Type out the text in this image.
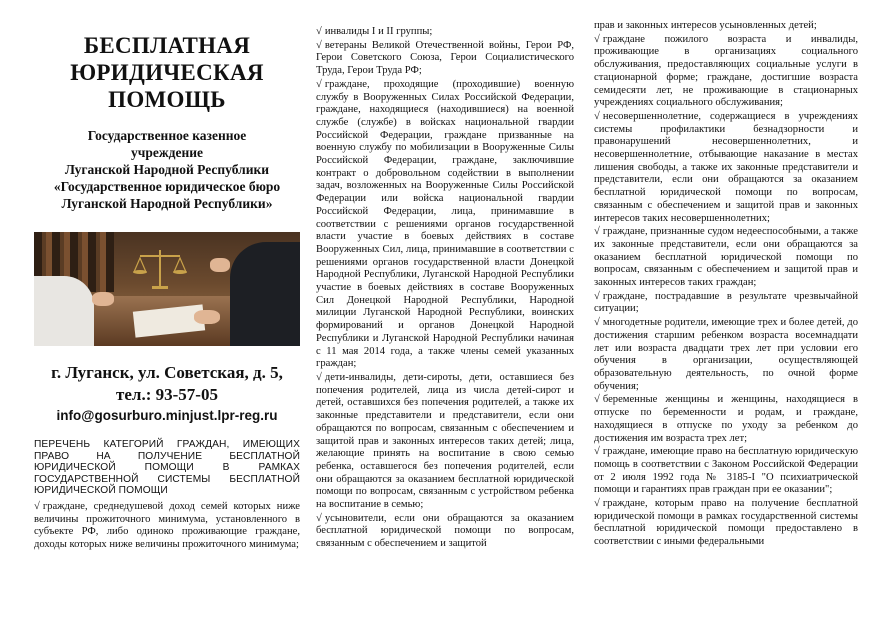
БЕСПЛАТНАЯ
ЮРИДИЧЕСКАЯ
ПОМОЩЬ
Государственное казенное
учреждение
Луганской Народной Республики
«Государственное юридическое бюро
Луганской Народной Республики»
г. Луганск, ул. Советская, д. 5,
тел.: 93-57-05
info@gosurburo.minjust.lpr-reg.ru
ПЕРЕЧЕНЬ КАТЕГОРИЙ ГРАЖДАН, ИМЕЮЩИХ ПРАВО НА ПОЛУЧЕНИЕ БЕСПЛАТНОЙ ЮРИДИЧЕСКОЙ ПОМОЩИ В РАМКАХ ГОСУДАРСТВЕННОЙ СИСТЕМЫ БЕСПЛАТНОЙ ЮРИДИЧЕСКОЙ ПОМОЩИ

√ граждане, среднедушевой доход семей которых ниже величины прожиточного минимума, установленного в субъекте РФ, либо одиноко проживающие граждане, доходы которых ниже величины прожиточного минимума;

√ инвалиды I и II группы;

√ ветераны Великой Отечественной войны, Герои РФ, Герои Советского Союза, Герои Социалистического Труда, Герои Труда РФ;

√ граждане, проходящие (проходившие) военную службу в Вооруженных Силах Российской Федерации, граждане, находящиеся (находившиеся) на военной службе (службе) в войсках национальной гвардии Российской Федерации, граждане призванные на военную службу по мобилизации в Вооруженные Силы Российской Федерации, граждане, заключившие контракт о добровольном содействии в выполнении задач, возложенных на Вооруженные Силы Российской Федерации или войска национальной гвардии Российской Федерации, лица, принимавшие в соответствии с решениями органов государственной власти участие в боевых действиях в составе Вооруженных Сил, лица, принимавшие в соответствии с решениями органов государственной власти Донецкой Народной Республики, Луганской Народной Республики участие в боевых действиях в составе Вооруженных Сил Донецкой Народной Республики, Народной милиции Луганской Народной Республики, воинских формирований и органов Донецкой Народной Республики и Луганской Народной Республики начиная с 11 мая 2014 года, а также члены семей указанных граждан;

√ дети-инвалиды, дети-сироты, дети, оставшиеся без попечения родителей, лица из числа детей-сирот и детей, оставшихся без попечения родителей, а также их законные представители и представители, если они обращаются по вопросам, связанным с обеспечением и защитой прав и законных интересов таких детей; лица, желающие принять на воспитание в свою семью ребенка, оставшегося без попечения родителей, если они обращаются за оказанием бесплатной юридической помощи по вопросам, связанным с устройством ребенка на воспитание в семью;

√ усыновители, если они обращаются за оказанием бесплатной юридической помощи по вопросам, связанным с обеспечением и защитой

прав и законных интересов усыновленных детей;

√ граждане пожилого возраста и инвалиды, проживающие в организациях социального обслуживания, предоставляющих социальные услуги в стационарной форме; граждане, достигшие возраста семидесяти лет, не проживающие в стационарных учреждениях социального обслуживания;

√ несовершеннолетние, содержащиеся в учреждениях системы профилактики безнадзорности и правонарушений несовершеннолетних, и несовершеннолетние, отбывающие наказание в местах лишения свободы, а также их законные представители и представители, если они обращаются за оказанием бесплатной юридической помощи по вопросам, связанным с обеспечением и защитой прав и законных интересов таких несовершеннолетних;

√ граждане, признанные судом недееспособными, а также их законные представители, если они обращаются за оказанием бесплатной юридической помощи по вопросам, связанным с обеспечением и защитой прав и законных интересов таких граждан;

√ граждане, пострадавшие в результате чрезвычайной ситуации;

√ многодетные родители, имеющие трех и более детей, до достижения старшим ребенком возраста восемнадцати лет или возраста двадцати трех лет при условии его обучения в организации, осуществляющей образовательную деятельность, по очной форме обучения;

√ беременные женщины и женщины, находящиеся в отпуске по беременности и родам, и граждане, находящиеся в отпуске по уходу за ребенком до достижения им возраста трех лет;

√ граждане, имеющие право на бесплатную юридическую помощь в соответствии с Законом Российской Федерации от 2 июля 1992 года № 3185-I "О психиатрической помощи и гарантиях прав граждан при ее оказании";

√ граждане, которым право на получение бесплатной юридической помощи в рамках государственной системы бесплатной юридической помощи предоставлено в соответствии с иными федеральными
